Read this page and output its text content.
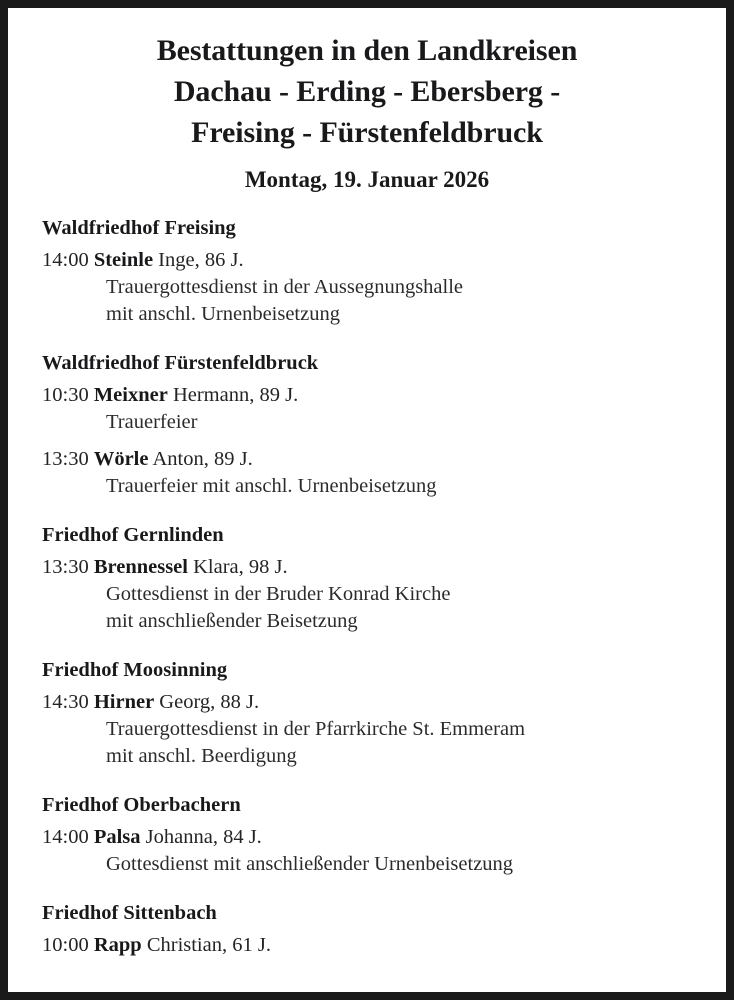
Bestattungen in den Landkreisen
Dachau - Erding - Ebersberg -
Freising - Fürstenfeldbruck
Montag, 19. Januar 2026
Waldfriedhof Freising
14:00 Steinle Inge, 86 J.
Trauergottesdienst in der Aussegnungshalle
mit anschl. Urnenbeisetzung
Waldfriedhof Fürstenfeldbruck
10:30 Meixner Hermann, 89 J.
Trauerfeier
13:30 Wörle Anton, 89 J.
Trauerfeier mit anschl. Urnenbeisetzung
Friedhof Gernlinden
13:30 Brennessel Klara, 98 J.
Gottesdienst in der Bruder Konrad Kirche
mit anschließender Beisetzung
Friedhof Moosinning
14:30 Hirner Georg, 88 J.
Trauergottesdienst in der Pfarrkirche St. Emmeram
mit anschl. Beerdigung
Friedhof Oberbachern
14:00 Palsa Johanna, 84 J.
Gottesdienst mit anschließender Urnenbeisetzung
Friedhof Sittenbach
10:00 Rapp Christian, 61 J.
